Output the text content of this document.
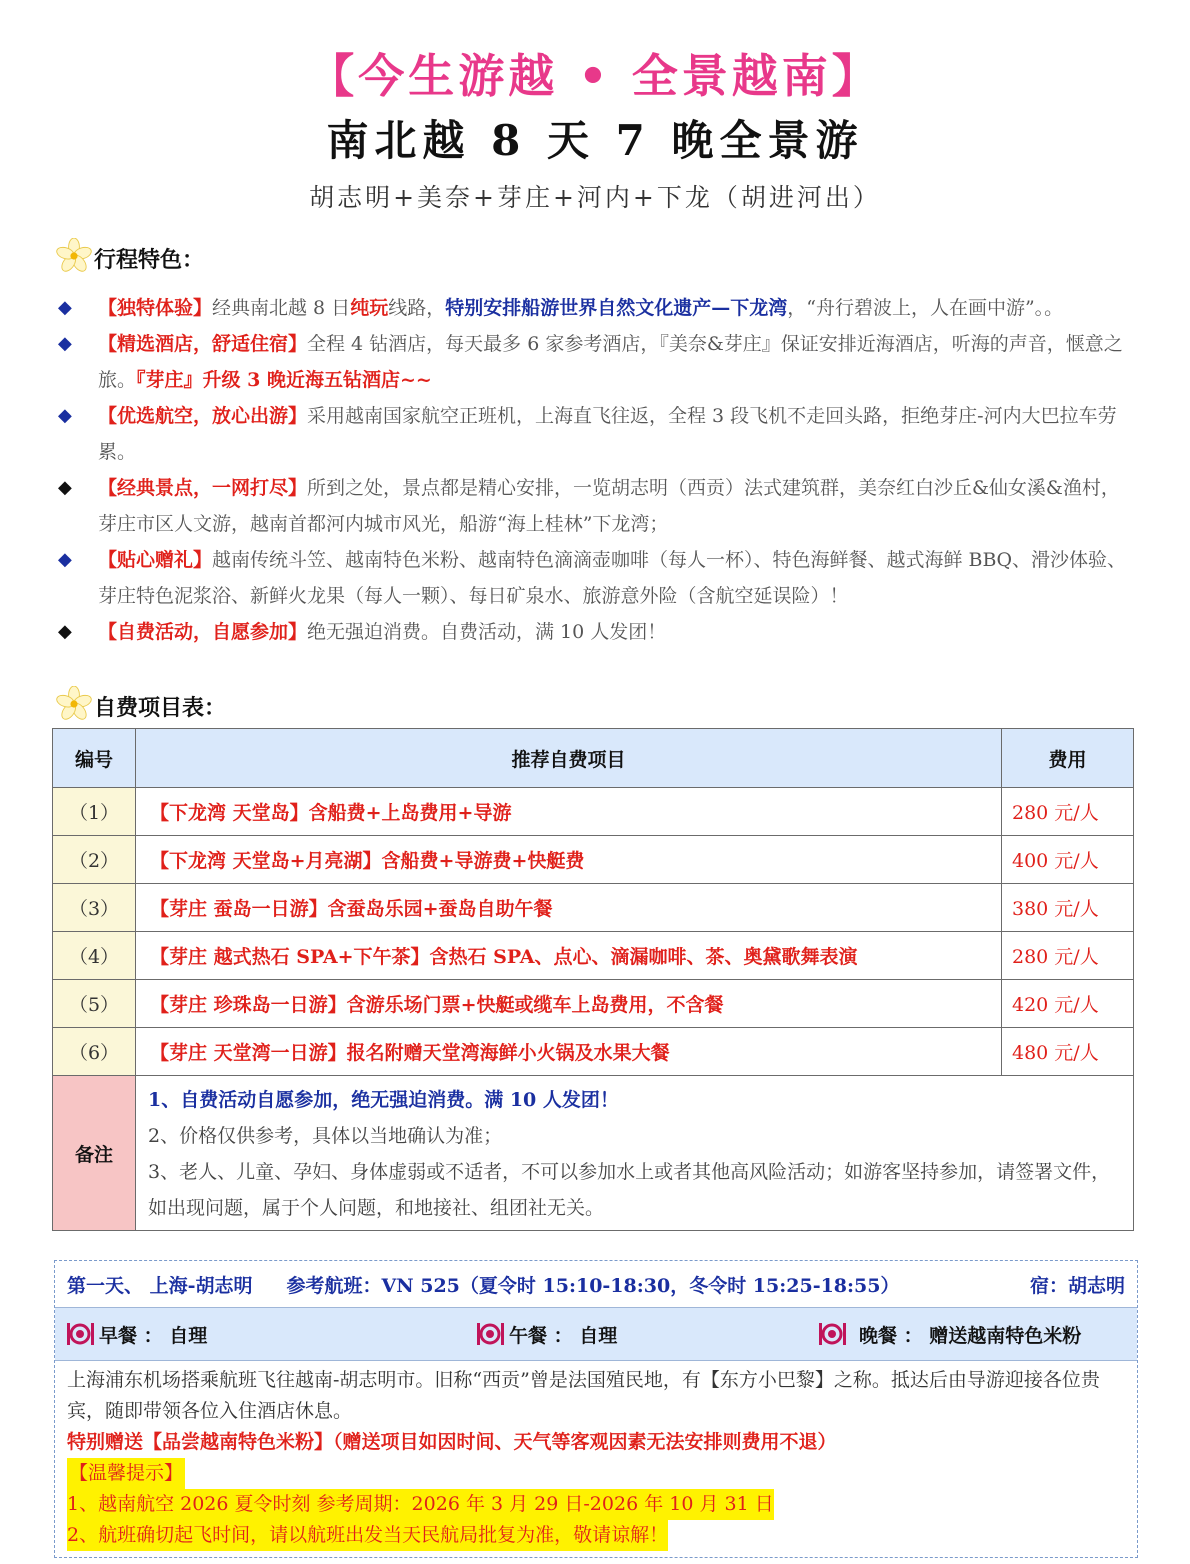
【今生游越 • 全景越南】
南北越 8 天 7 晚全景游
胡志明+美奈+芽庄+河内+下龙（胡进河出）
行程特色：
◆ 【独特体验】经典南北越 8 日纯玩线路，特别安排船游世界自然文化遗产—下龙湾，“舟行碧波上，人在画中游”。。
◆ 【精选酒店，舒适住宿】全程 4 钻酒店，每天最多 6 家参考酒店，『美奈&芽庄』保证安排近海酒店，听海的声音，惬意之旅。『芽庄』升级 3 晚近海五钻酒店~~
◆ 【优选航空，放心出游】采用越南国家航空正班机，上海直飞往返，全程 3 段飞机不走回头路，拒绝芽庄-河内大巴拉车劳累。
◆ 【经典景点，一网打尽】所到之处，景点都是精心安排，一览胡志明（西贡）法式建筑群，美奈红白沙丘&仙女溪&渔村，芽庄市区人文游，越南首都河内城市风光，船游“海上桂林”下龙湾；
◆ 【贴心赠礼】越南传统斗笠、越南特色米粉、越南特色滴滴壶咖啡（每人一杯）、特色海鲜餐、越式海鲜 BBQ、滑沙体验、芽庄特色泥浆浴、新鲜火龙果（每人一颗）、每日矿泉水、旅游意外险（含航空延误险）！
◆ 【自费活动，自愿参加】绝无强迫消费。自费活动，满 10 人发团！
自费项目表：
编号	推荐自费项目	费用
（1）	【下龙湾 天堂岛】含船费+上岛费用+导游	280 元/人
（2）	【下龙湾 天堂岛+月亮湖】含船费+导游费+快艇费	400 元/人
（3）	【芽庄 蚕岛一日游】含蚕岛乐园+蚕岛自助午餐	380 元/人
（4）	【芽庄 越式热石 SPA+下午茶】含热石 SPA、点心、滴漏咖啡、茶、奥黛歌舞表演	280 元/人
（5）	【芽庄 珍珠岛一日游】含游乐场门票+快艇或缆车上岛费用，不含餐	420 元/人
（6）	【芽庄 天堂湾一日游】报名附赠天堂湾海鲜小火锅及水果大餐	480 元/人
备注	1、自费活动自愿参加，绝无强迫消费。满 10 人发团！
2、价格仅供参考，具体以当地确认为准；
3、老人、儿童、孕妇、身体虚弱或不适者，不可以参加水上或者其他高风险活动；如游客坚持参加，请签署文件，如出现问题，属于个人问题，和地接社、组团社无关。	
第一天、 上海-胡志明 参考航班：VN 525（夏令时 15:10-18:30，冬令时 15:25-18:55）	宿：胡志明
早餐 ： 自理	午餐 ： 自理	晚餐 ： 赠送越南特色米粉
上海浦东机场搭乘航班飞往越南-胡志明市。旧称“西贡”曾是法国殖民地，有【东方小巴黎】之称。抵达后由导游迎接各位贵宾，随即带领各位入住酒店休息。
特别赠送【品尝越南特色米粉】（赠送项目如因时间、天气等客观因素无法安排则费用不退）
【温馨提示】
1、越南航空 2026 夏令时刻 参考周期：2026 年 3 月 29 日-2026 年 10 月 31 日
2、航班确切起飞时间，请以航班出发当天民航局批复为准，敬请谅解！
